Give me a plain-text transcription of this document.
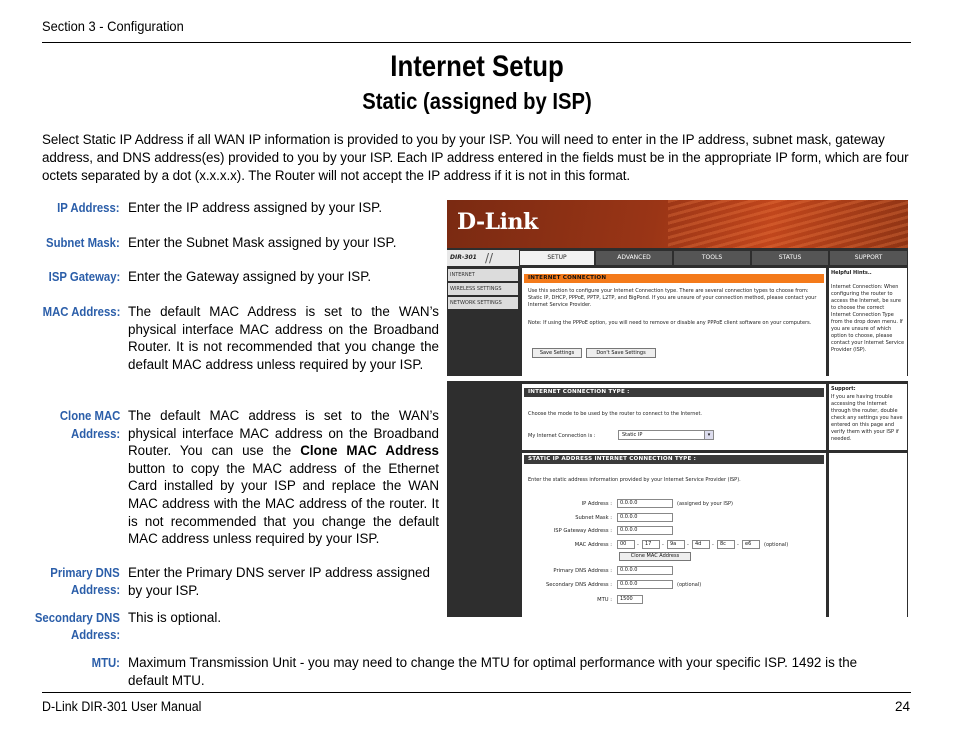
Section 3 - Configuration
Internet Setup
Static (assigned by ISP)
Select Static IP Address if all WAN IP information is provided to you by your ISP. You will need to enter in the IP address, subnet mask, gateway address, and DNS address(es) provided to you by your ISP. Each IP address entered in the fields must be in the appropriate IP form, which are four octets separated by a dot (x.x.x.x). The Router will not accept the IP address if it is not in this format.
IP Address: Enter the IP address assigned by your ISP.
Subnet Mask: Enter the Subnet Mask assigned by your ISP.
ISP Gateway: Enter the Gateway assigned by your ISP.
MAC Address: The default MAC Address is set to the WAN’s physical interface MAC address on the Broadband Router. It is not recommended that you change the default MAC address unless required by your ISP.
Clone MAC
Address:
The default MAC address is set to the WAN’s physical interface MAC address on the Broadband Router. You can use the Clone MAC Address button to copy the MAC address of the Ethernet Card installed by your ISP and replace the WAN MAC address with the MAC address of the router. It is not recommended that you change the default MAC address unless required by your ISP.
Primary DNS
Address:
Enter the Primary DNS server IP address assigned by your ISP.
Secondary DNS
Address:
This is optional.
MTU: Maximum Transmission Unit - you may need to change the MTU for optimal performance with your specific ISP. 1492 is the default MTU.
D-Link
DIR-301 //	SETUP	ADVANCED	TOOLS	STATUS	SUPPORT
INTERNET
WIRELESS SETTINGS
NETWORK SETTINGS
INTERNET CONNECTION
Use this section to configure your Internet Connection type. There are several connection types to choose from: Static IP, DHCP, PPPoE, PPTP, L2TP, and BigPond. If you are unsure of your connection method, please contact your Internet Service Provider.
Note: If using the PPPoE option, you will need to remove or disable any PPPoE client software on your computers.
Save Settings	Don't Save Settings
Helpful Hints..
Internet Connection: When configuring the router to access the Internet, be sure to choose the correct Internet Connection Type from the drop down menu. If you are unsure of which option to choose, please contact your Internet Service Provider (ISP).
INTERNET CONNECTION TYPE :
Choose the mode to be used by the router to connect to the Internet.
My Internet Connection is :	Static IP	▾
Support:
If you are having trouble accessing the Internet through the router, double check any settings you have entered on this page and verify them with your ISP if needed.
STATIC IP ADDRESS INTERNET CONNECTION TYPE :
Enter the static address information provided by your Internet Service Provider (ISP).
IP Address :	0.0.0.0	(assigned by your ISP)
Subnet Mask :	0.0.0.0
ISP Gateway Address :	0.0.0.0
MAC Address :	00	-	17	-	9a	-	4d	-	8c	-	e6	(optional)
Clone MAC Address
Primary DNS Address :	0.0.0.0
Secondary DNS Address :	0.0.0.0	(optional)
MTU :	1500
D-Link DIR-301 User Manual	24
